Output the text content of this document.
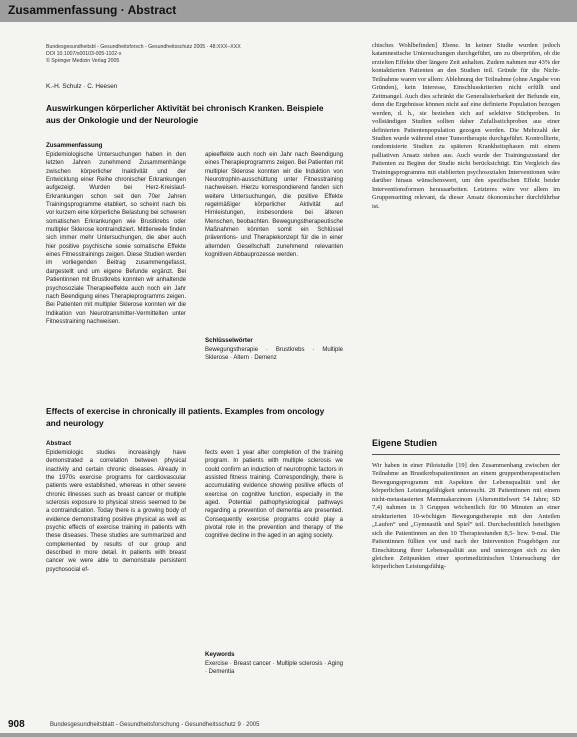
Zusammenfassung · Abstract
Bundesgesundheitsbl - Gesundheitsforsch - Gesundheitsschutz 2005 · 48:XXX–XXX
DOI 10.1007/s00103-005-1102-x
© Springer Medizin Verlag 2005
K.-H. Schulz · C. Heesen
Auswirkungen körperlicher Aktivität bei chronisch Kranken. Beispiele aus der Onkologie und der Neurologie
Zusammenfassung
Epidemiologische Untersuchungen haben in den letzten Jahren zunehmend Zusammenhänge zwischen körperlicher Inaktivität und der Entwicklung einer Reihe chronischer Erkrankungen aufgezeigt. Wurden bei Herz-Kreislauf-Erkrankungen schon seit den 70er Jahren Trainingsprogramme etabliert, so scheint nach bis vor kurzem eine körperliche Belastung bei schweren somatischen Erkrankungen wie Brustkrebs oder multipler Sklerose kontraindiziert. Mittlerweile finden sich immer mehr Untersuchungen, die aber auch hier positive psychische sowie somatische Effekte eines Fitnesstrainings zeigen. Diese Studien werden im vorliegenden Beitrag zusammengefasst, dargestellt und um eigene Befunde ergänzt. Bei Patientinnen mit Brustkrebs konnten wir anhaltende psychosoziale Therapieeffekte auch noch ein Jahr nach Beendigung eines Therapieprogramms zeigen. Bei Patienten mit multipler Sklerose konnten wir die Indikation von Neurotransmitter-Vermittelten unter Fitnesstraining nachweisen.
apieeffekte auch noch ein Jahr nach Beendigung eines Therapieprogramms zeigen. Bei Patienten mit multipler Sklerose konnten wir die Induktion von Neurotrophin-ausschüttung unter Fitnesstraining nachweisen. Hierzu korrespondierend fanden sich weitere Untersuchungen, die positive Effekte regelmäßiger körperlicher Aktivität auf Hirnleistungen, insbesondere bei älteren Menschen, beobachten. Bewegungstherapeutische Maßnahmen könnten somit ein Schlüssel präventions- und Therapiekonzept für die in einer alternden Gesellschaft zunehmend relevanten kognitiven Abbauprozesse werden.
Schlüsselwörter
Bewegungstherapie · Brustkrebs · Multiple Sklerose · Altern · Demenz
Effects of exercise in chronically ill patients. Examples from oncology and neurology
Abstract
Epidemiologic studies increasingly have demonstrated a correlation between physical inactivity and certain chronic diseases. Already in the 1970s exercise programs for cardiovascular patients were established, whereas in other severe chronic illnesses such as breast cancer or multiple sclerosis exposure to physical stress seemed to be a contraindication. Today there is a growing body of evidence demonstrating positive physical as well as psychic effects of exercise training in patients with these diseases. These studies are summarized and complemented by results of our group and described in more detail. In patients with breast cancer we were able to demonstrate persistent psychosocial ef-
fects even 1 year after completion of the training program. In patients with multiple sclerosis we could confirm an induction of neurotrophic factors in assisted fitness training. Correspondingly, there is accumulating evidence showing positive effects of exercise on cognitive function, especially in the aged. Potential pathophysiological pathways regarding a prevention of dementia are presented. Consequently exercise programs could play a pivotal role in the prevention and therapy of the cognitive decline in the aged in an aging society.
Keywords
Exercise · Breast cancer · Multiple sclerosis · Aging · Dementia
chisches Wohlbefinden] Ebene. In keiner Studie wurden jedoch katamnestische Untersuchungen durchgeführt, um zu überprüfen, ob die erzielten Effekte über längere Zeit anhalten. Zudem nahmen nur 43% der kontaktierten Patienten an den Studien teil. Gründe für die Nicht-Teilnahme waren vor allem: Ablehnung der Teilnahme (ohne Angabe von Gründen), kein Interesse, Einschlusskriterien nicht erfüllt und Zeitmangel. Auch dies schränkt die Generalisierbarkeit der Befunde ein, denn die Ergebnisse können nicht auf eine definierte Population bezogen werden, d. h., sie beziehen sich auf selektive Stichproben. In vollständigen Studien sollten daher Zufallsstichproben aus einer definierten Patientenpopulation gezogen werden. Die Mehrzahl der Studien wurde während einer Tumortherapie durchgeführt. Kontrollierte, randomisierte Studien zu späteren Krankheitsphasen mit einem palliativen Ansatz stehen aus. Auch wurde der Trainingszustand der Patienten zu Beginn der Studie nicht berücksichtigt. Ein Vergleich des Trainingsprogramms mit etablierten psychosozialen Interventionen wäre darüber hinaus wünschenswert, um den spezifischen Effekt beider Interventionsformen herausarbeiten. Letzteres wäre vor allem im Gruppensetting relevant, da dieser Ansatz ökonomischer durchführbar ist.
Eigene Studien
Wir haben in einer Pilotstudie [19] den Zusammenhang zwischen der Teilnahme an Brustkrebspatientinnen an einem gruppentherapeutischen Bewegungsprogramm mit Aspekten der Lebensqualität und der körperlichen Leistungsfähigkeit untersucht. 28 Patientinnen mit einem nicht-metastasierten Mammakarzinom (Altersmittelwert 54 Jahre; SD 7,4) nahmen in 3 Gruppen wöchentlich für 90 Minuten an einer strukturierten 10-wöchigen Bewegungstherapie mit den Anteilen „Laufen“ und „Gymnastik und Spiel“ teil. Durchschnittlich beteiligten sich die Patientinnen an den 10 Therapiestunden 8,5- bzw. 9-mal. Die Patientinnen füllten vor und nach der Intervention Fragebögen zur Einschätzung ihrer Lebensqualität aus und unterzogen sich zu den gleichen Zeitpunkten einer sportmedizinischen Untersuchung der körperlichen Leistungsfähig-
908	Bundesgesundheitsblatt - Gesundheitsforschung - Gesundheitsschutz 9 · 2005
